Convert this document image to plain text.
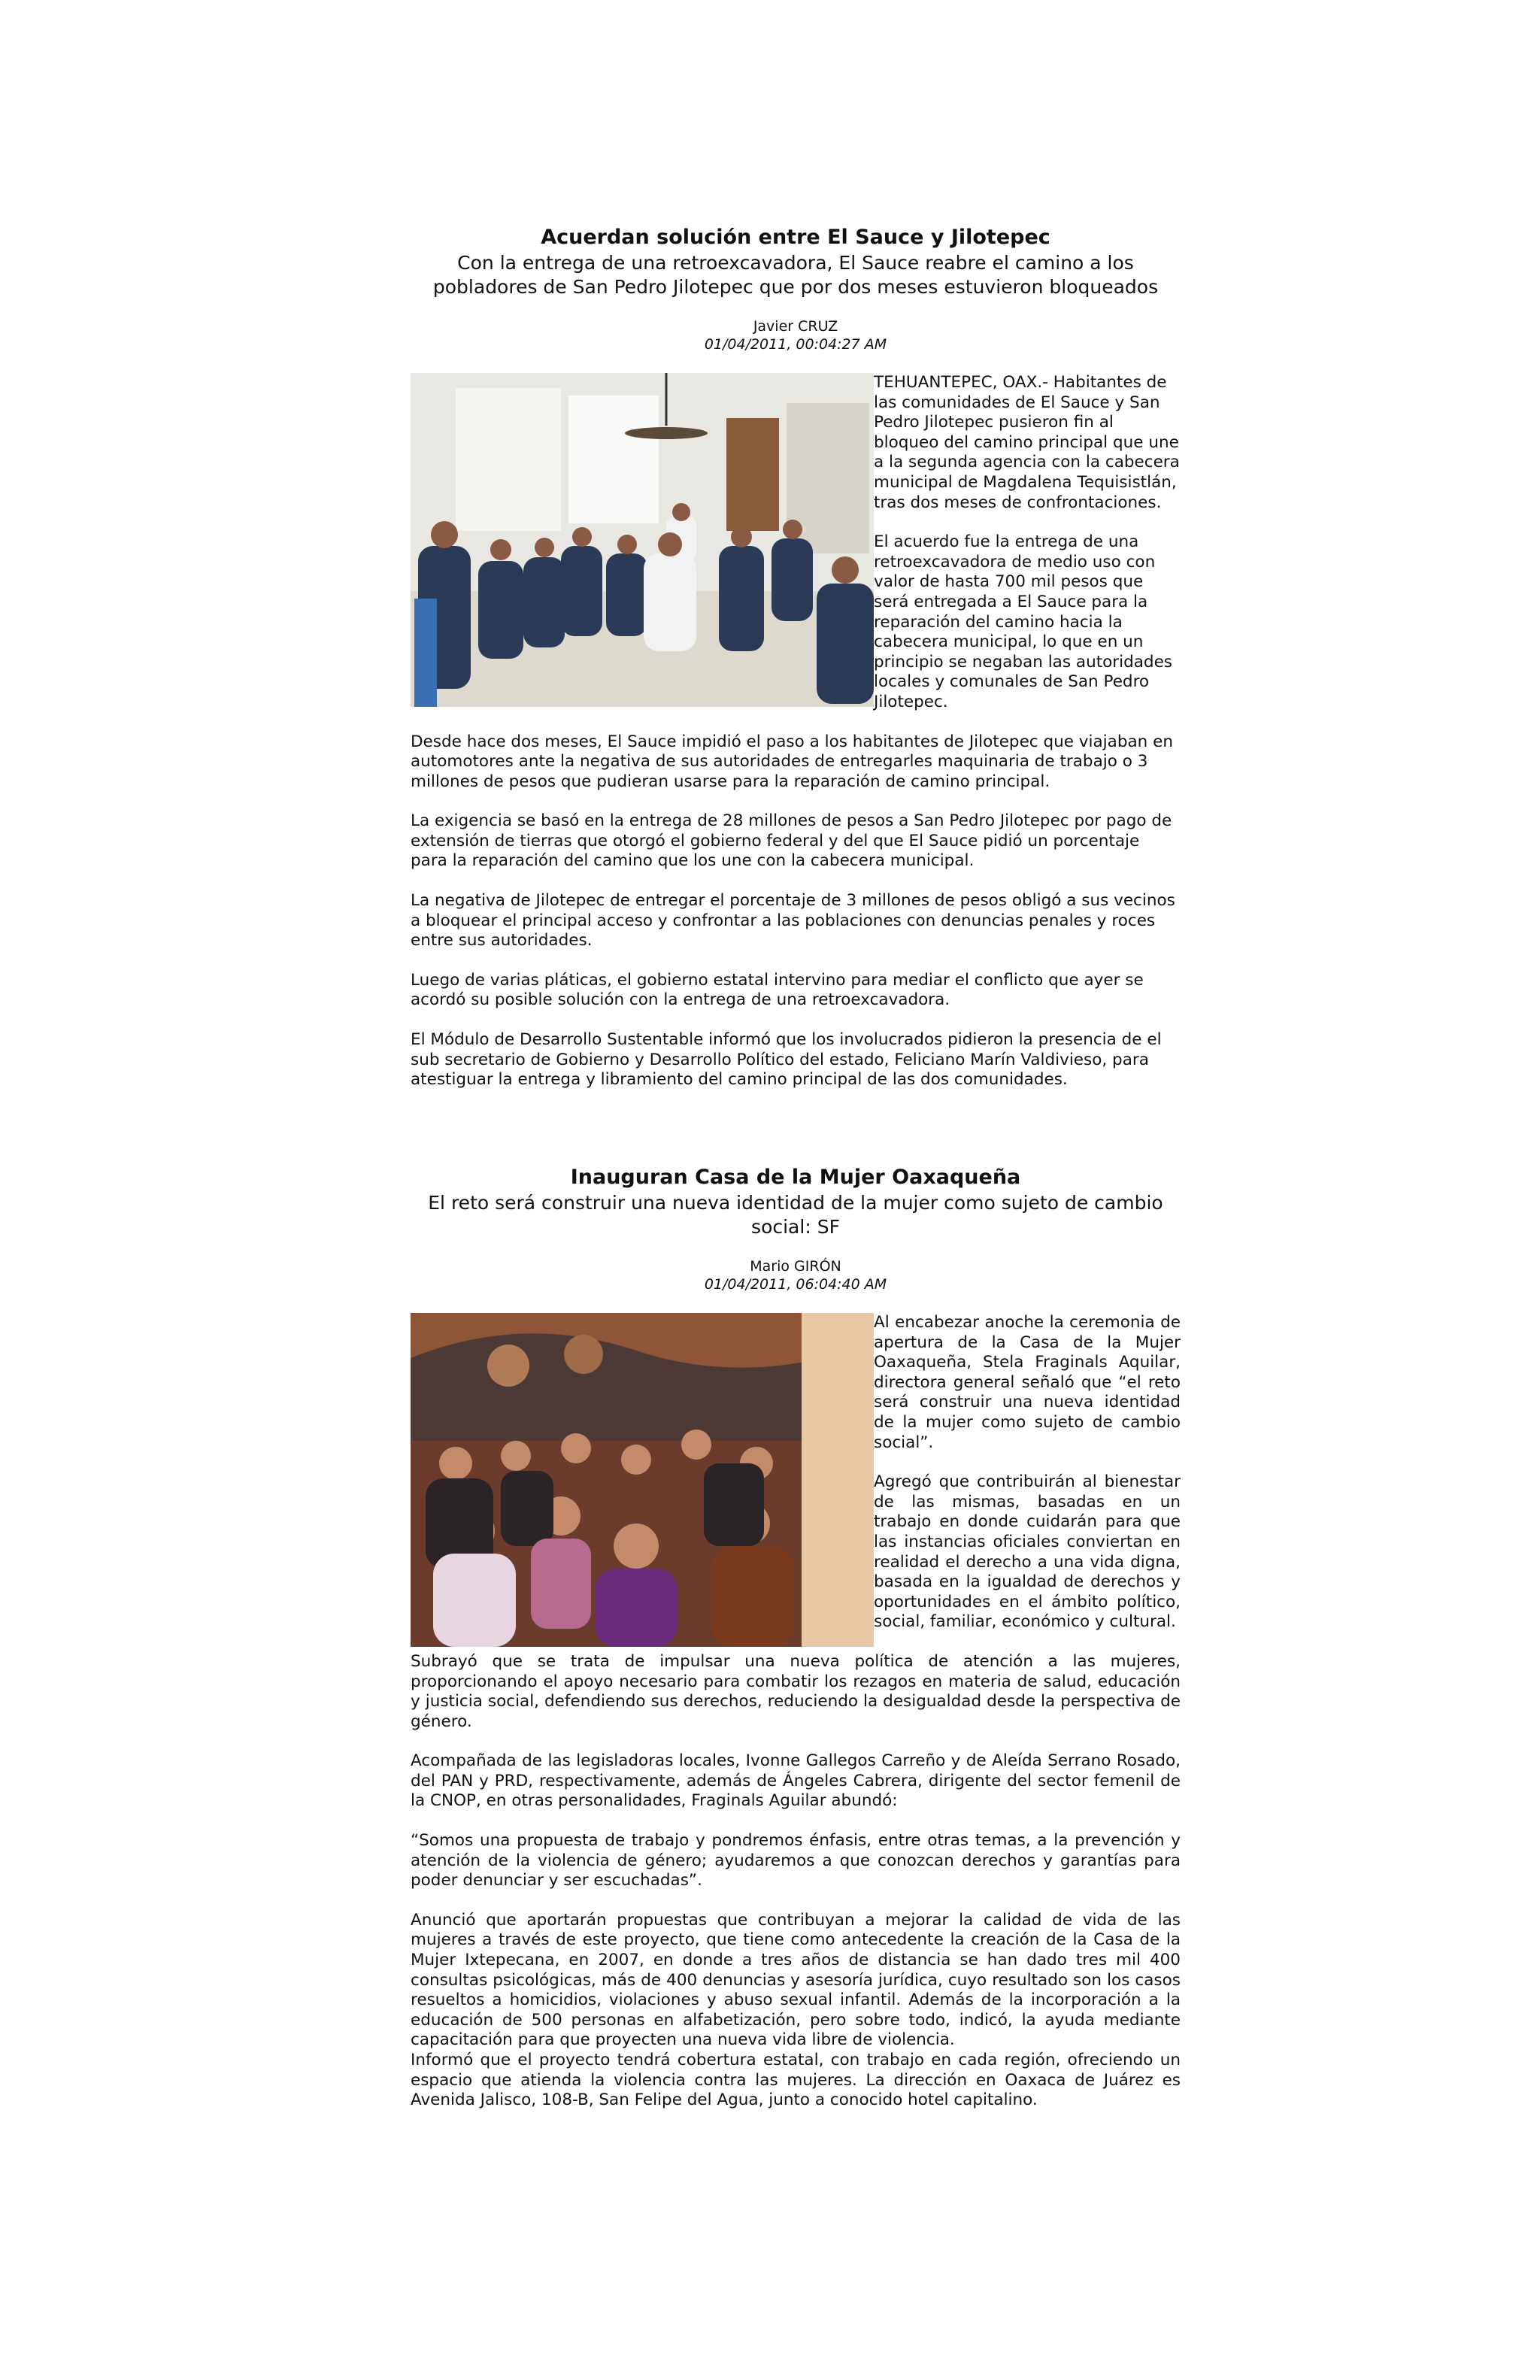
Acuerdan solución entre El Sauce y Jilotepec
Con la entrega de una retroexcavadora, El Sauce reabre el camino a los pobladores de San Pedro Jilotepec que por dos meses estuvieron bloqueados
Javier CRUZ
01/04/2011, 00:04:27 AM

TEHUANTEPEC, OAX.- Habitantes de las comunidades de El Sauce y San Pedro Jilotepec pusieron fin al bloqueo del camino principal que une a la segunda agencia con la cabecera municipal de Magdalena Tequisistlán, tras dos meses de confrontaciones.

El acuerdo fue la entrega de una retroexcavadora de medio uso con valor de hasta 700 mil pesos que será entregada a El Sauce para la reparación del camino hacia la cabecera municipal, lo que en un principio se negaban las autoridades locales y comunales de San Pedro Jilotepec.

Desde hace dos meses, El Sauce impidió el paso a los habitantes de Jilotepec que viajaban en automotores ante la negativa de sus autoridades de entregarles maquinaria de trabajo o 3 millones de pesos que pudieran usarse para la reparación de camino principal.

La exigencia se basó en la entrega de 28 millones de pesos a San Pedro Jilotepec por pago de extensión de tierras que otorgó el gobierno federal y del que El Sauce pidió un porcentaje para la reparación del camino que los une con la cabecera municipal.

La negativa de Jilotepec de entregar el porcentaje de 3 millones de pesos obligó a sus vecinos a bloquear el principal acceso y confrontar a las poblaciones con denuncias penales y roces entre sus autoridades.

Luego de varias pláticas, el gobierno estatal intervino para mediar el conflicto que ayer se acordó su posible solución con la entrega de una retroexcavadora.

El Módulo de Desarrollo Sustentable informó que los involucrados pidieron la presencia de el sub secretario de Gobierno y Desarrollo Político del estado, Feliciano Marín Valdivieso, para atestiguar la entrega y libramiento del camino principal de las dos comunidades.

Inauguran Casa de la Mujer Oaxaqueña
El reto será construir una nueva identidad de la mujer como sujeto de cambio social: SF
Mario GIRÓN
01/04/2011, 06:04:40 AM

Al encabezar anoche la ceremonia de apertura de la Casa de la Mujer Oaxaqueña, Stela Fraginals Aquilar, directora general señaló que “el reto será construir una nueva identidad de la mujer como sujeto de cambio social”.

Agregó que contribuirán al bienestar de las mismas, basadas en un trabajo en donde cuidarán para que las instancias oficiales conviertan en realidad el derecho a una vida digna, basada en la igualdad de derechos y oportunidades en el ámbito político, social, familiar, económico y cultural.

Subrayó que se trata de impulsar una nueva política de atención a las mujeres, proporcionando el apoyo necesario para combatir los rezagos en materia de salud, educación y justicia social, defendiendo sus derechos, reduciendo la desigualdad desde la perspectiva de género.

Acompañada de las legisladoras locales, Ivonne Gallegos Carreño y de Aleída Serrano Rosado, del PAN y PRD, respectivamente, además de Ángeles Cabrera, dirigente del sector femenil de la CNOP, en otras personalidades, Fraginals Aguilar abundó:

“Somos una propuesta de trabajo y pondremos énfasis, entre otras temas, a la prevención y atención de la violencia de género; ayudaremos a que conozcan derechos y garantías para poder denunciar y ser escuchadas”.

Anunció que aportarán propuestas que contribuyan a mejorar la calidad de vida de las mujeres a través de este proyecto, que tiene como antecedente la creación de la Casa de la Mujer Ixtepecana, en 2007, en donde a tres años de distancia se han dado tres mil 400 consultas psicológicas, más de 400 denuncias y asesoría jurídica, cuyo resultado son los casos resueltos a homicidios, violaciones y abuso sexual infantil. Además de la incorporación a la educación de 500 personas en alfabetización, pero sobre todo, indicó, la ayuda mediante capacitación para que proyecten una nueva vida libre de violencia.

Informó que el proyecto tendrá cobertura estatal, con trabajo en cada región, ofreciendo un espacio que atienda la violencia contra las mujeres. La dirección en Oaxaca de Juárez es Avenida Jalisco, 108-B, San Felipe del Agua, junto a conocido hotel capitalino.
